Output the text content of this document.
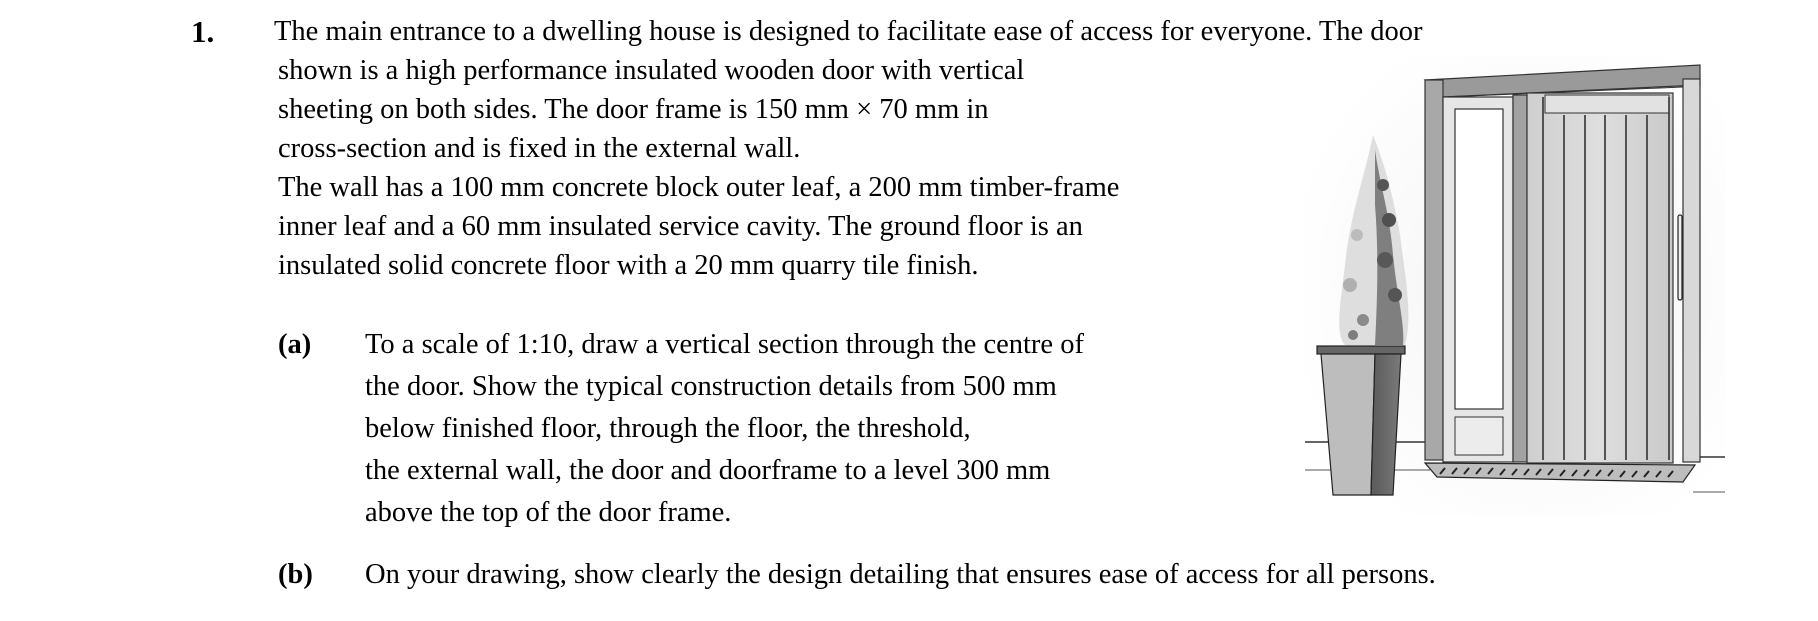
1. The main entrance to a dwelling house is designed to facilitate ease of access for everyone. The door
shown is a high performance insulated wooden door with vertical
sheeting on both sides. The door frame is 150 mm × 70 mm in
cross-section and is fixed in the external wall.
The wall has a 100 mm concrete block outer leaf, a 200 mm timber-frame
inner leaf and a 60 mm insulated service cavity. The ground floor is an
insulated solid concrete floor with a 20 mm quarry tile finish.
(a) To a scale of 1:10, draw a vertical section through the centre of
the door. Show the typical construction details from 500 mm
below finished floor, through the floor, the threshold,
the external wall, the door and doorframe to a level 300 mm
above the top of the door frame.
(b) On your drawing, show clearly the design detailing that ensures ease of access for all persons.
